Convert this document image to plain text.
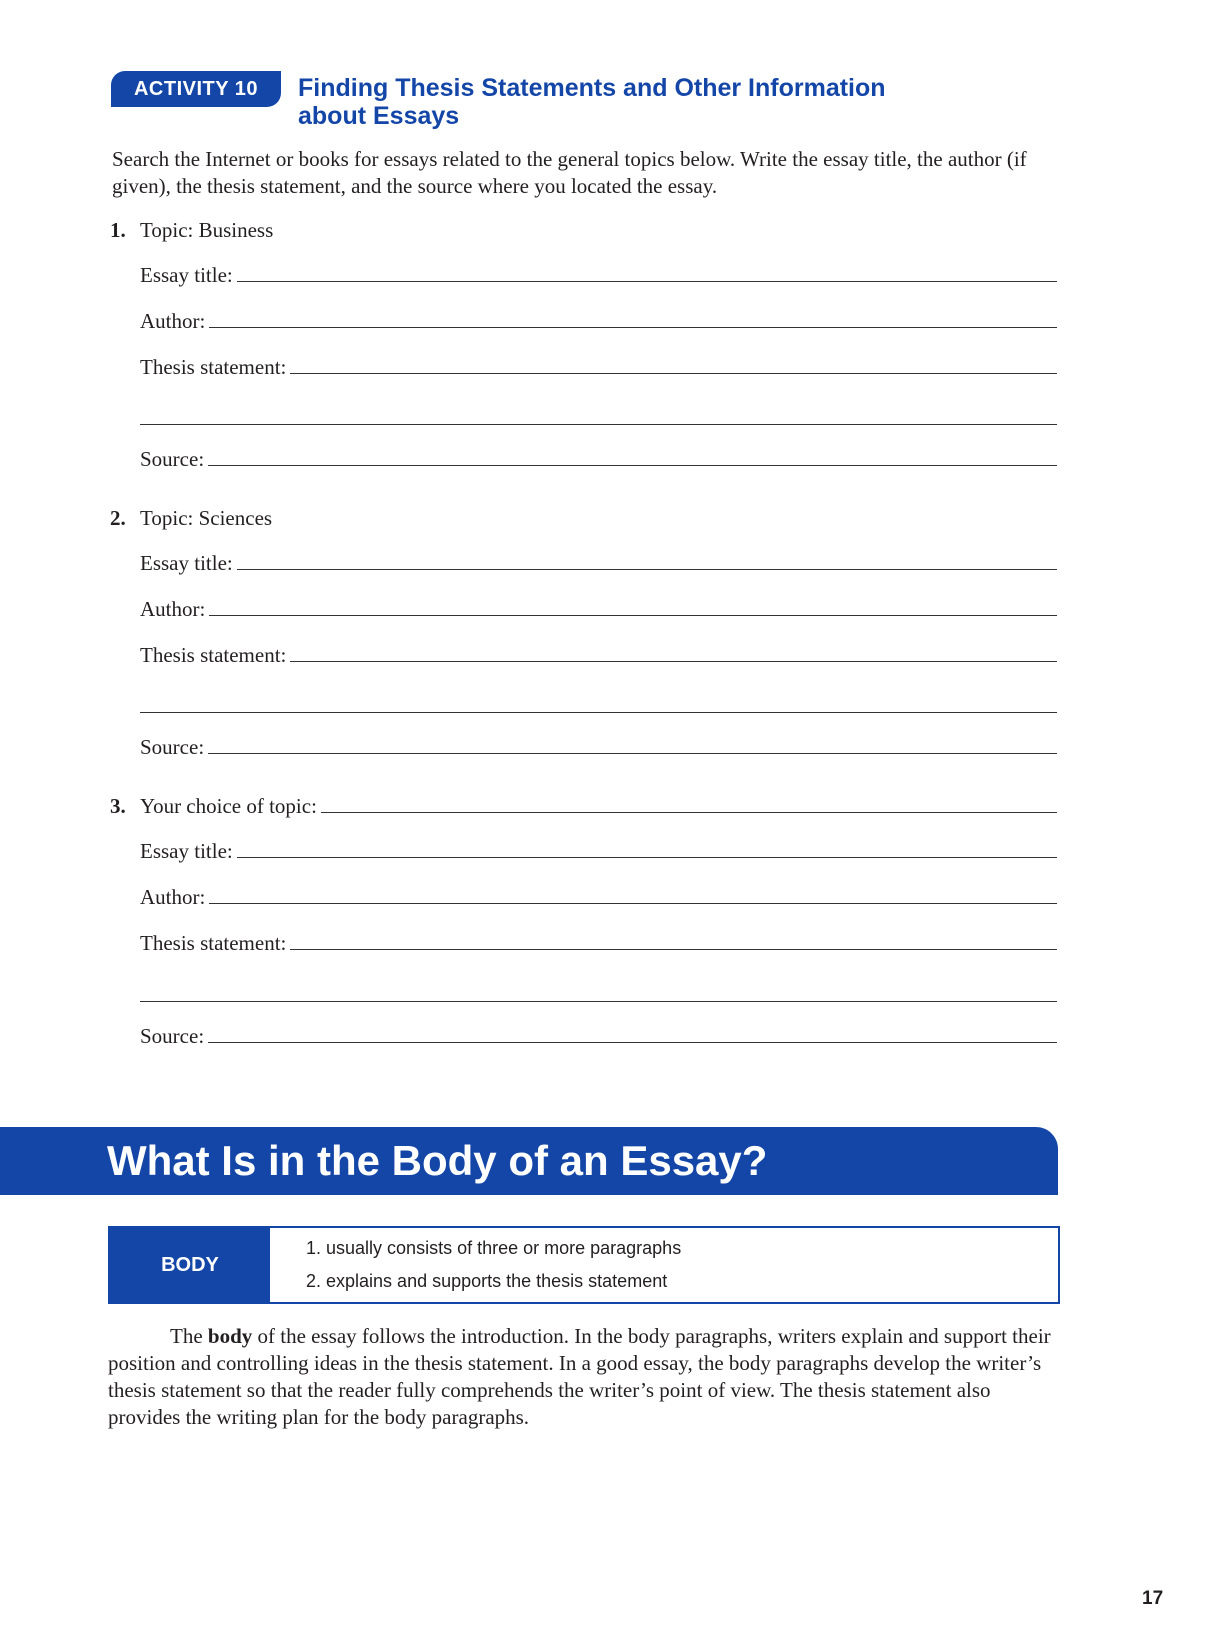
ACTIVITY 10	Finding Thesis Statements and Other Information
about Essays
Search the Internet or books for essays related to the general topics below. Write the essay title, the author (if given), the thesis statement, and the source where you located the essay.
1. Topic: Business
Essay title:
Author:
Thesis statement:
Source:
2. Topic: Sciences
Essay title:
Author:
Thesis statement:
Source:
3. Your choice of topic:
Essay title:
Author:
Thesis statement:
Source:
What Is in the Body of an Essay?
BODY
1. usually consists of three or more paragraphs
2. explains and supports the thesis statement
The body of the essay follows the introduction. In the body paragraphs, writers explain and support their position and controlling ideas in the thesis statement. In a good essay, the body paragraphs develop the writer’s thesis statement so that the reader fully comprehends the writer’s point of view. The thesis statement also provides the writing plan for the body paragraphs.
17
